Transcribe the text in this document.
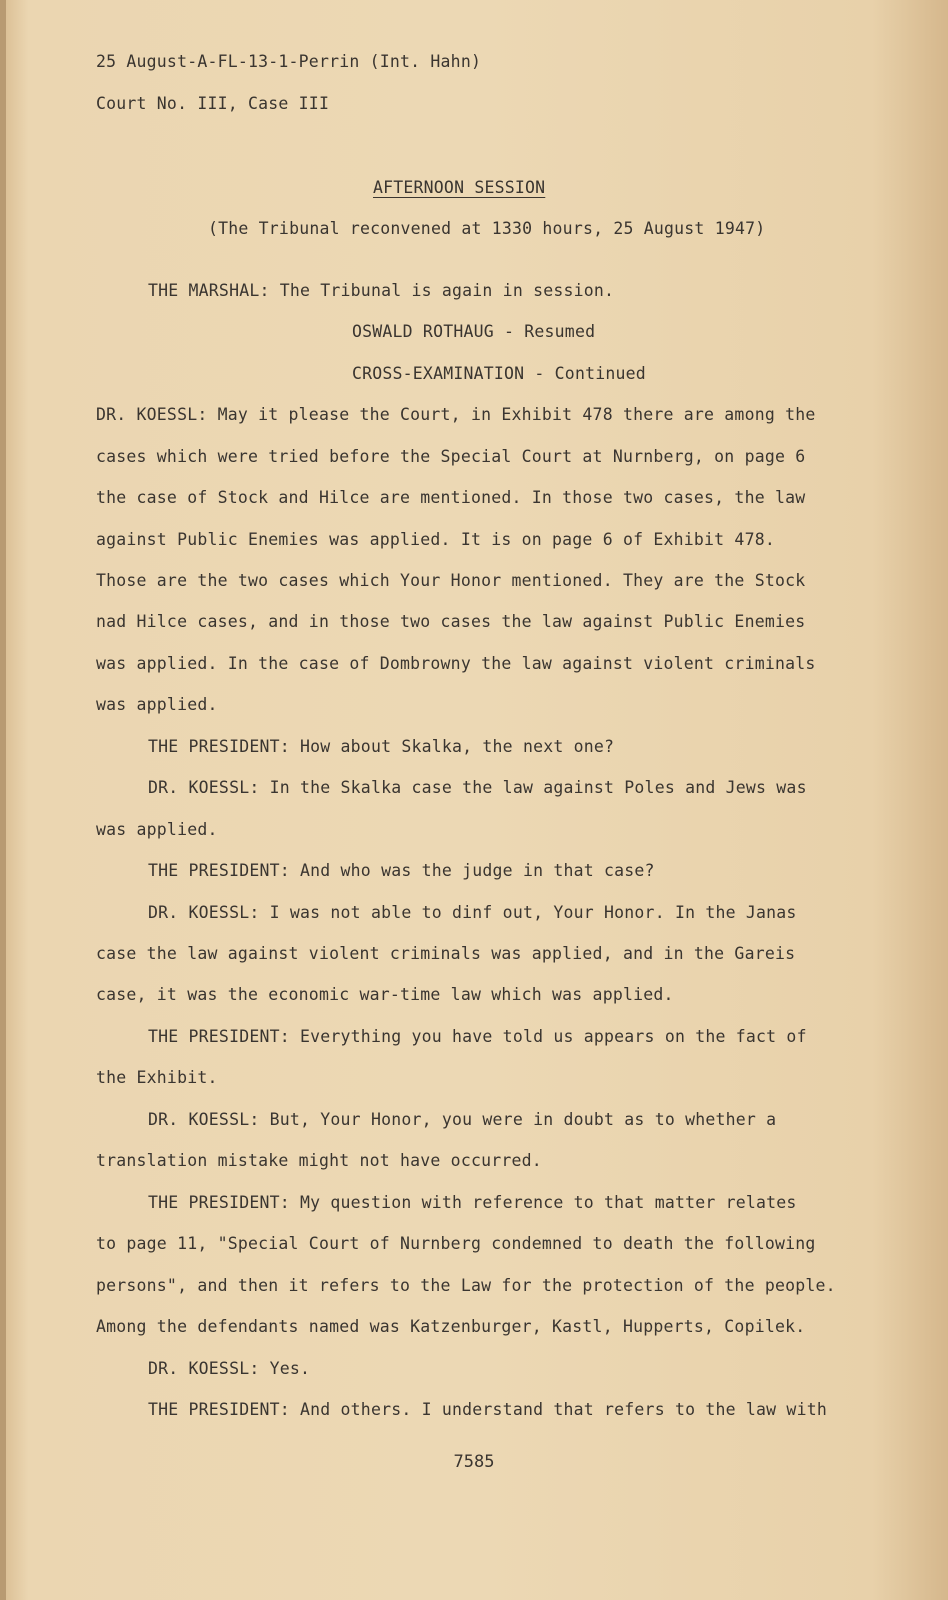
25 August-A-FL-13-1-Perrin (Int. Hahn)
Court No. III, Case III
AFTERNOON SESSION
(The Tribunal reconvened at 1330 hours, 25 August 1947)
THE MARSHAL: The Tribunal is again in session.
OSWALD ROTHAUG - Resumed
CROSS-EXAMINATION - Continued
DR. KOESSL: May it please the Court, in Exhibit 478 there are among the
cases which were tried before the Special Court at Nurnberg, on page 6
the case of Stock and Hilce are mentioned. In those two cases, the law
against Public Enemies was applied. It is on page 6 of Exhibit 478.
Those are the two cases which Your Honor mentioned. They are the Stock
nad Hilce cases, and in those two cases the law against Public Enemies
was applied. In the case of Dombrowny the law against violent criminals
was applied.
THE PRESIDENT: How about Skalka, the next one?
DR. KOESSL: In the Skalka case the law against Poles and Jews was
was applied.
THE PRESIDENT: And who was the judge in that case?
DR. KOESSL: I was not able to dinf out, Your Honor. In the Janas
case the law against violent criminals was applied, and in the Gareis
case, it was the economic war-time law which was applied.
THE PRESIDENT: Everything you have told us appears on the fact of
the Exhibit.
DR. KOESSL: But, Your Honor, you were in doubt as to whether a
translation mistake might not have occurred.
THE PRESIDENT: My question with reference to that matter relates
to page 11, "Special Court of Nurnberg condemned to death the following
persons", and then it refers to the Law for the protection of the people.
Among the defendants named was Katzenburger, Kastl, Hupperts, Copilek.
DR. KOESSL: Yes.
THE PRESIDENT: And others. I understand that refers to the law with
7585
